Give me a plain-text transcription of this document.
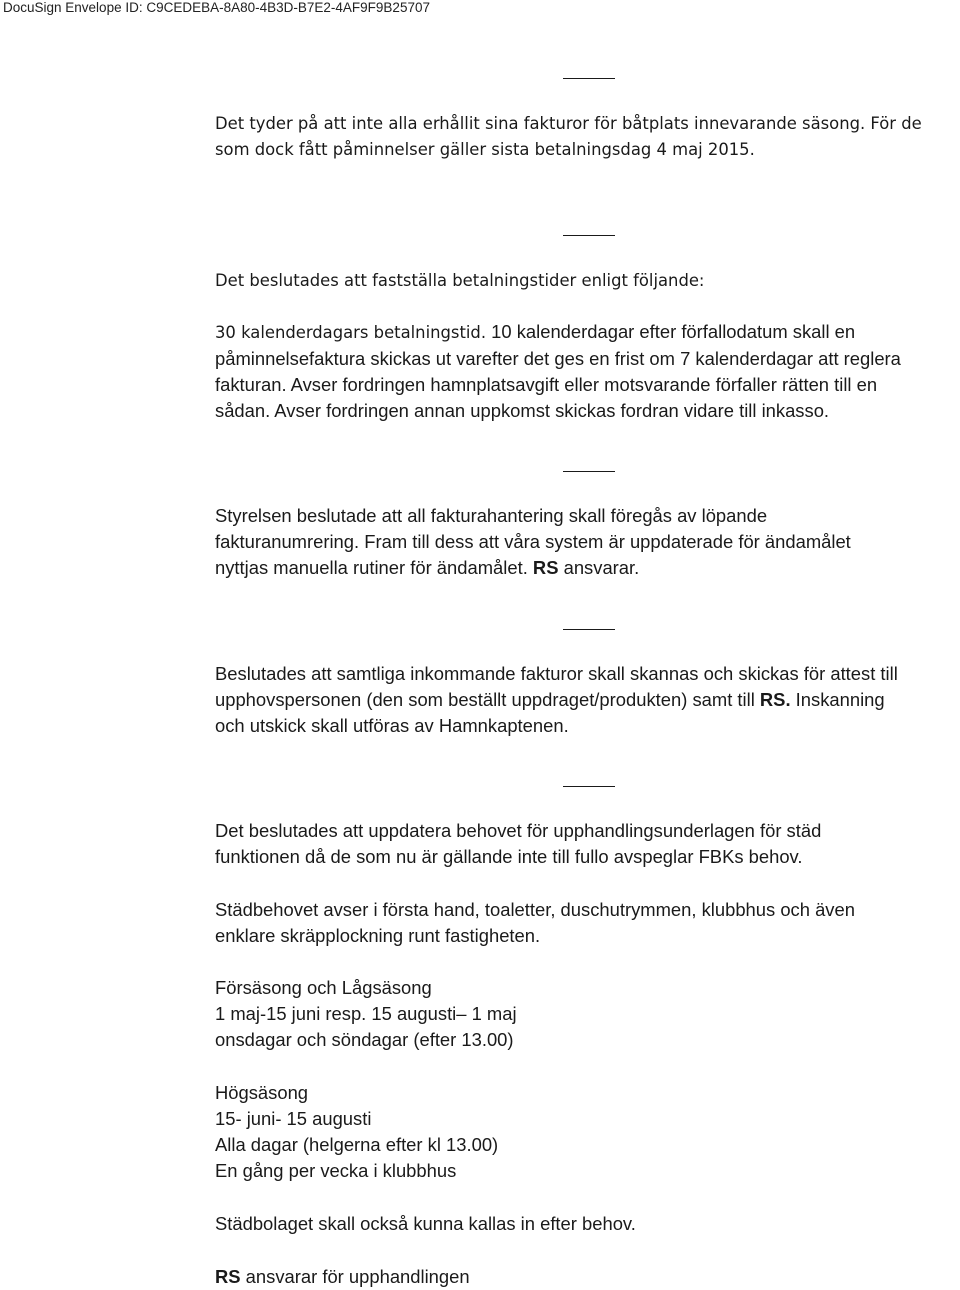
DocuSign Envelope ID: C9CEDEBA-8A80-4B3D-B7E2-4AF9F9B25707
Det tyder på att inte alla erhållit sina fakturor för båtplats innevarande säsong. För de
som dock fått påminnelser gäller sista betalningsdag 4 maj 2015.
Det beslutades att fastställa betalningstider enligt följande:
30 kalenderdagars betalningstid. 10 kalenderdagar efter förfallodatum skall en
påminnelsefaktura skickas ut varefter det ges en frist om 7 kalenderdagar att reglera
fakturan. Avser fordringen hamnplatsavgift eller motsvarande förfaller rätten till en
sådan. Avser fordringen annan uppkomst skickas fordran vidare till inkasso.
Styrelsen beslutade att all fakturahantering skall föregås av löpande
fakturanumrering. Fram till dess att våra system är uppdaterade för ändamålet
nyttjas manuella rutiner för ändamålet. RS ansvarar.
Beslutades att samtliga inkommande fakturor skall skannas och skickas för attest till
upphovspersonen (den som beställt uppdraget/produkten) samt till RS. Inskanning
och utskick skall utföras av Hamnkaptenen.
Det beslutades att uppdatera behovet för upphandlingsunderlagen för städ
funktionen då de som nu är gällande inte till fullo avspeglar FBKs behov.
Städbehovet avser i första hand, toaletter, duschutrymmen, klubbhus och även
enklare skräpplockning runt fastigheten.
Försäsong och Lågsäsong
1 maj-15 juni resp. 15 augusti– 1 maj
onsdagar och söndagar (efter 13.00)
Högsäsong
15- juni- 15 augusti
Alla dagar (helgerna efter kl 13.00)
En gång per vecka i klubbhus
Städbolaget skall också kunna kallas in efter behov.
RS ansvarar för upphandlingen
